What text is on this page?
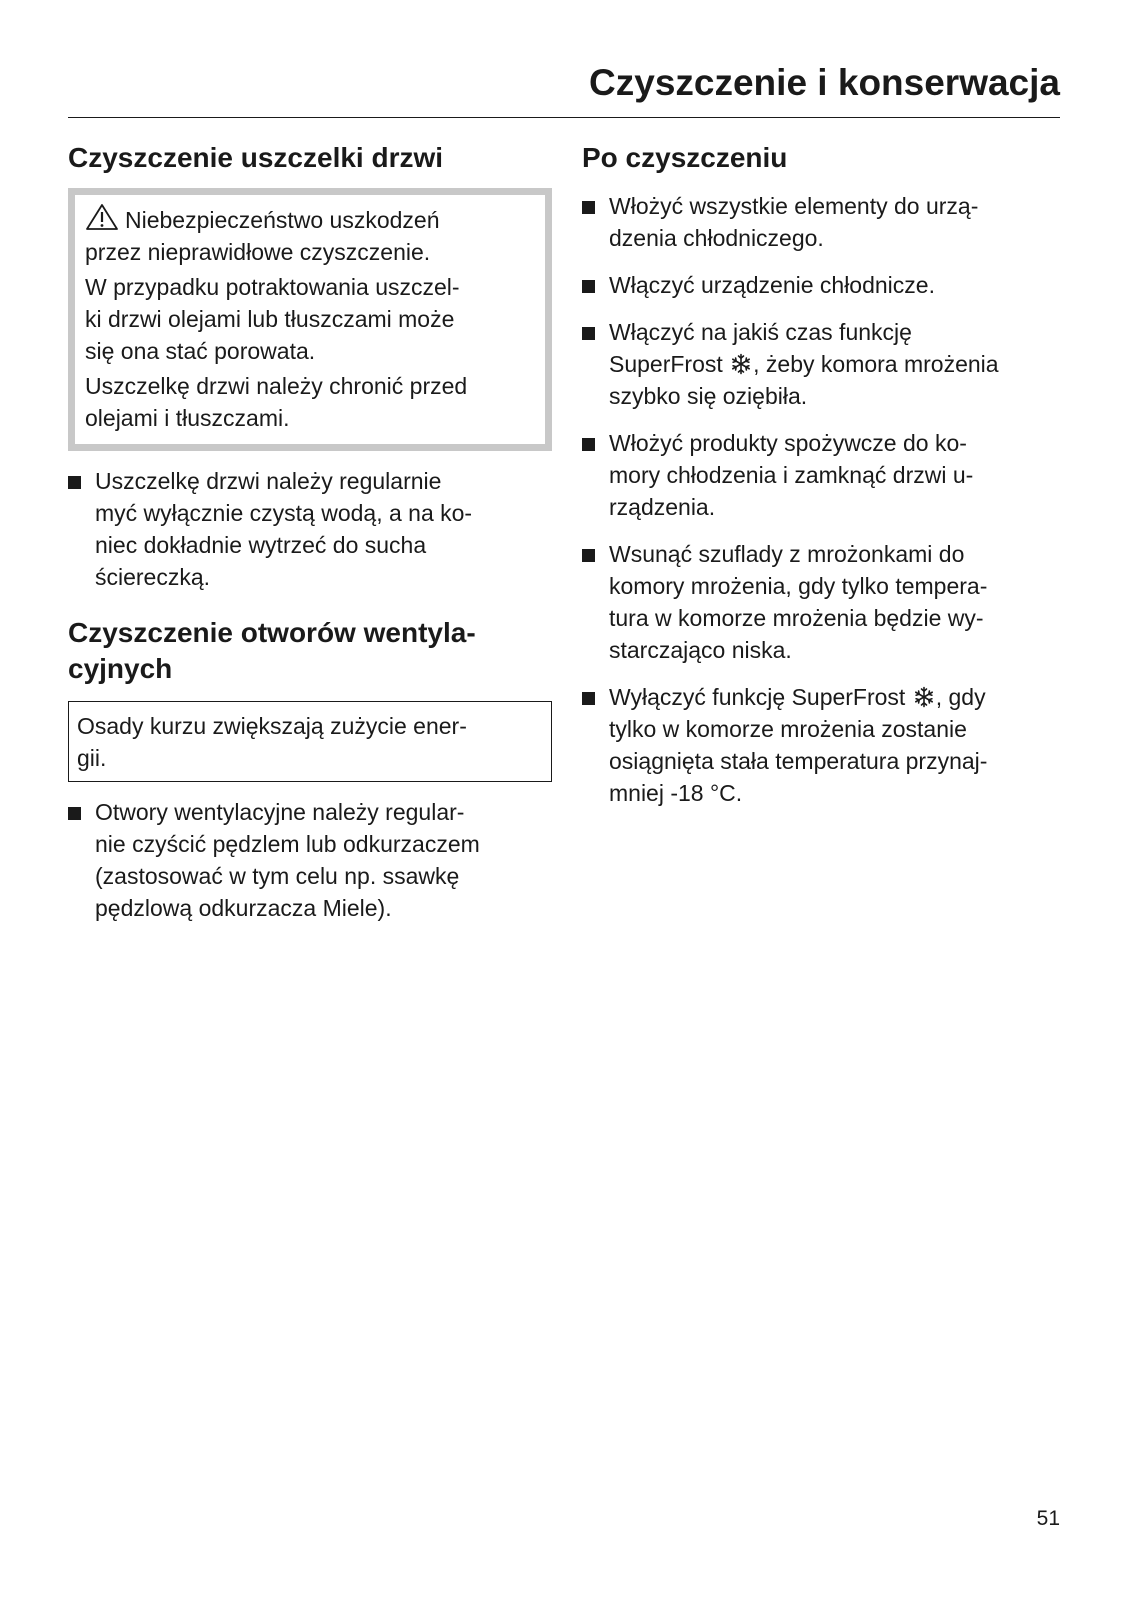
Czyszczenie i konserwacja
Czyszczenie uszczelki drzwi

Niebezpieczeństwo uszkodzeń
przez nieprawidłowe czyszczenie.

W przypadku potraktowania uszczel-
ki drzwi olejami lub tłuszczami może
się ona stać porowata.

Uszczelkę drzwi należy chronić przed
olejami i tłuszczami.

Uszczelkę drzwi należy regularnie
myć wyłącznie czystą wodą, a na ko-
niec dokładnie wytrzeć do sucha
ściereczką.
Czyszczenie otworów wentyla-
cyjnych

Osady kurzu zwiększają zużycie ener-
gii.

Otwory wentylacyjne należy regular-
nie czyścić pędzlem lub odkurzaczem
(zastosować w tym celu np. ssawkę
pędzlową odkurzacza Miele).
Po czyszczeniu
Włożyć wszystkie elementy do urzą-
dzenia chłodniczego.
Włączyć urządzenie chłodnicze.
Włączyć na jakiś czas funkcję
SuperFrost , żeby komora mrożenia
szybko się oziębiła.
Włożyć produkty spożywcze do ko-
mory chłodzenia i zamknąć drzwi u-
rządzenia.
Wsunąć szuflady z mrożonkami do
komory mrożenia, gdy tylko tempera-
tura w komorze mrożenia będzie wy-
starczająco niska.
Wyłączyć funkcję SuperFrost , gdy
tylko w komorze mrożenia zostanie
osiągnięta stała temperatura przynaj-
mniej -18 °C.
51
